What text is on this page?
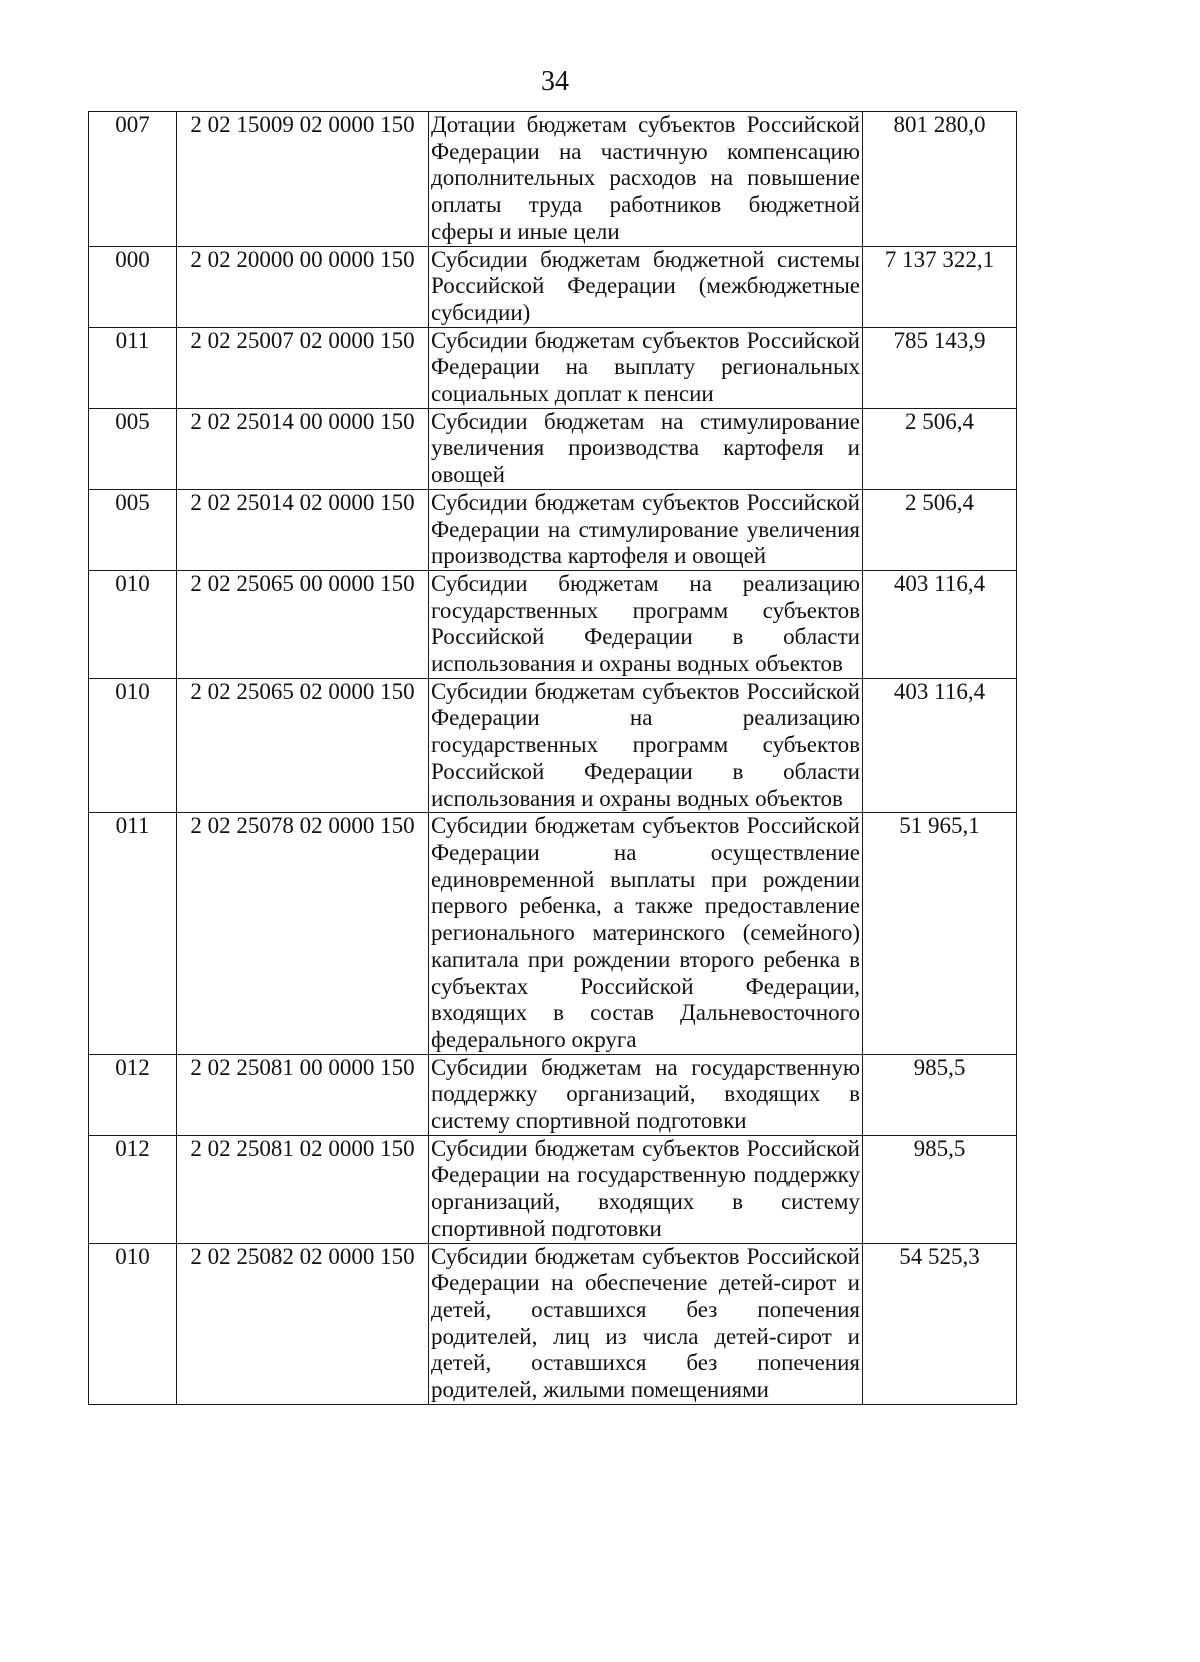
34
007	2 02 15009 02 0000 150	Дотации бюджетам субъектов Российской Федерации на частичную компенсацию дополнительных расходов на повышение оплаты труда работников бюджетной сферы и иные цели	801 280,0
000	2 02 20000 00 0000 150	Субсидии бюджетам бюджетной системы Российской Федерации (межбюджетные субсидии)	7 137 322,1
011	2 02 25007 02 0000 150	Субсидии бюджетам субъектов Российской Федерации на выплату региональных социальных доплат к пенсии	785 143,9
005	2 02 25014 00 0000 150	Субсидии бюджетам на стимулирование увеличения производства картофеля и овощей	2 506,4
005	2 02 25014 02 0000 150	Субсидии бюджетам субъектов Российской Федерации на стимулирование увеличения производства картофеля и овощей	2 506,4
010	2 02 25065 00 0000 150	Субсидии бюджетам на реализацию государственных программ субъектов Российской Федерации в области использования и охраны водных объектов	403 116,4
010	2 02 25065 02 0000 150	Субсидии бюджетам субъектов Российской Федерации на реализацию государственных программ субъектов Российской Федерации в области использования и охраны водных объектов	403 116,4
011	2 02 25078 02 0000 150	Субсидии бюджетам субъектов Российской Федерации на осуществление единовременной выплаты при рождении первого ребенка, а также предоставление регионального материнского (семейного) капитала при рождении второго ребенка в субъектах Российской Федерации, входящих в состав Дальневосточного федерального округа	51 965,1
012	2 02 25081 00 0000 150	Субсидии бюджетам на государственную поддержку организаций, входящих в систему спортивной подготовки	985,5
012	2 02 25081 02 0000 150	Субсидии бюджетам субъектов Российской Федерации на государственную поддержку организаций, входящих в систему спортивной подготовки	985,5
010	2 02 25082 02 0000 150	Субсидии бюджетам субъектов Российской Федерации на обеспечение детей-сирот и детей, оставшихся без попечения родителей, лиц из числа детей-сирот и детей, оставшихся без попечения родителей, жилыми помещениями	54 525,3
